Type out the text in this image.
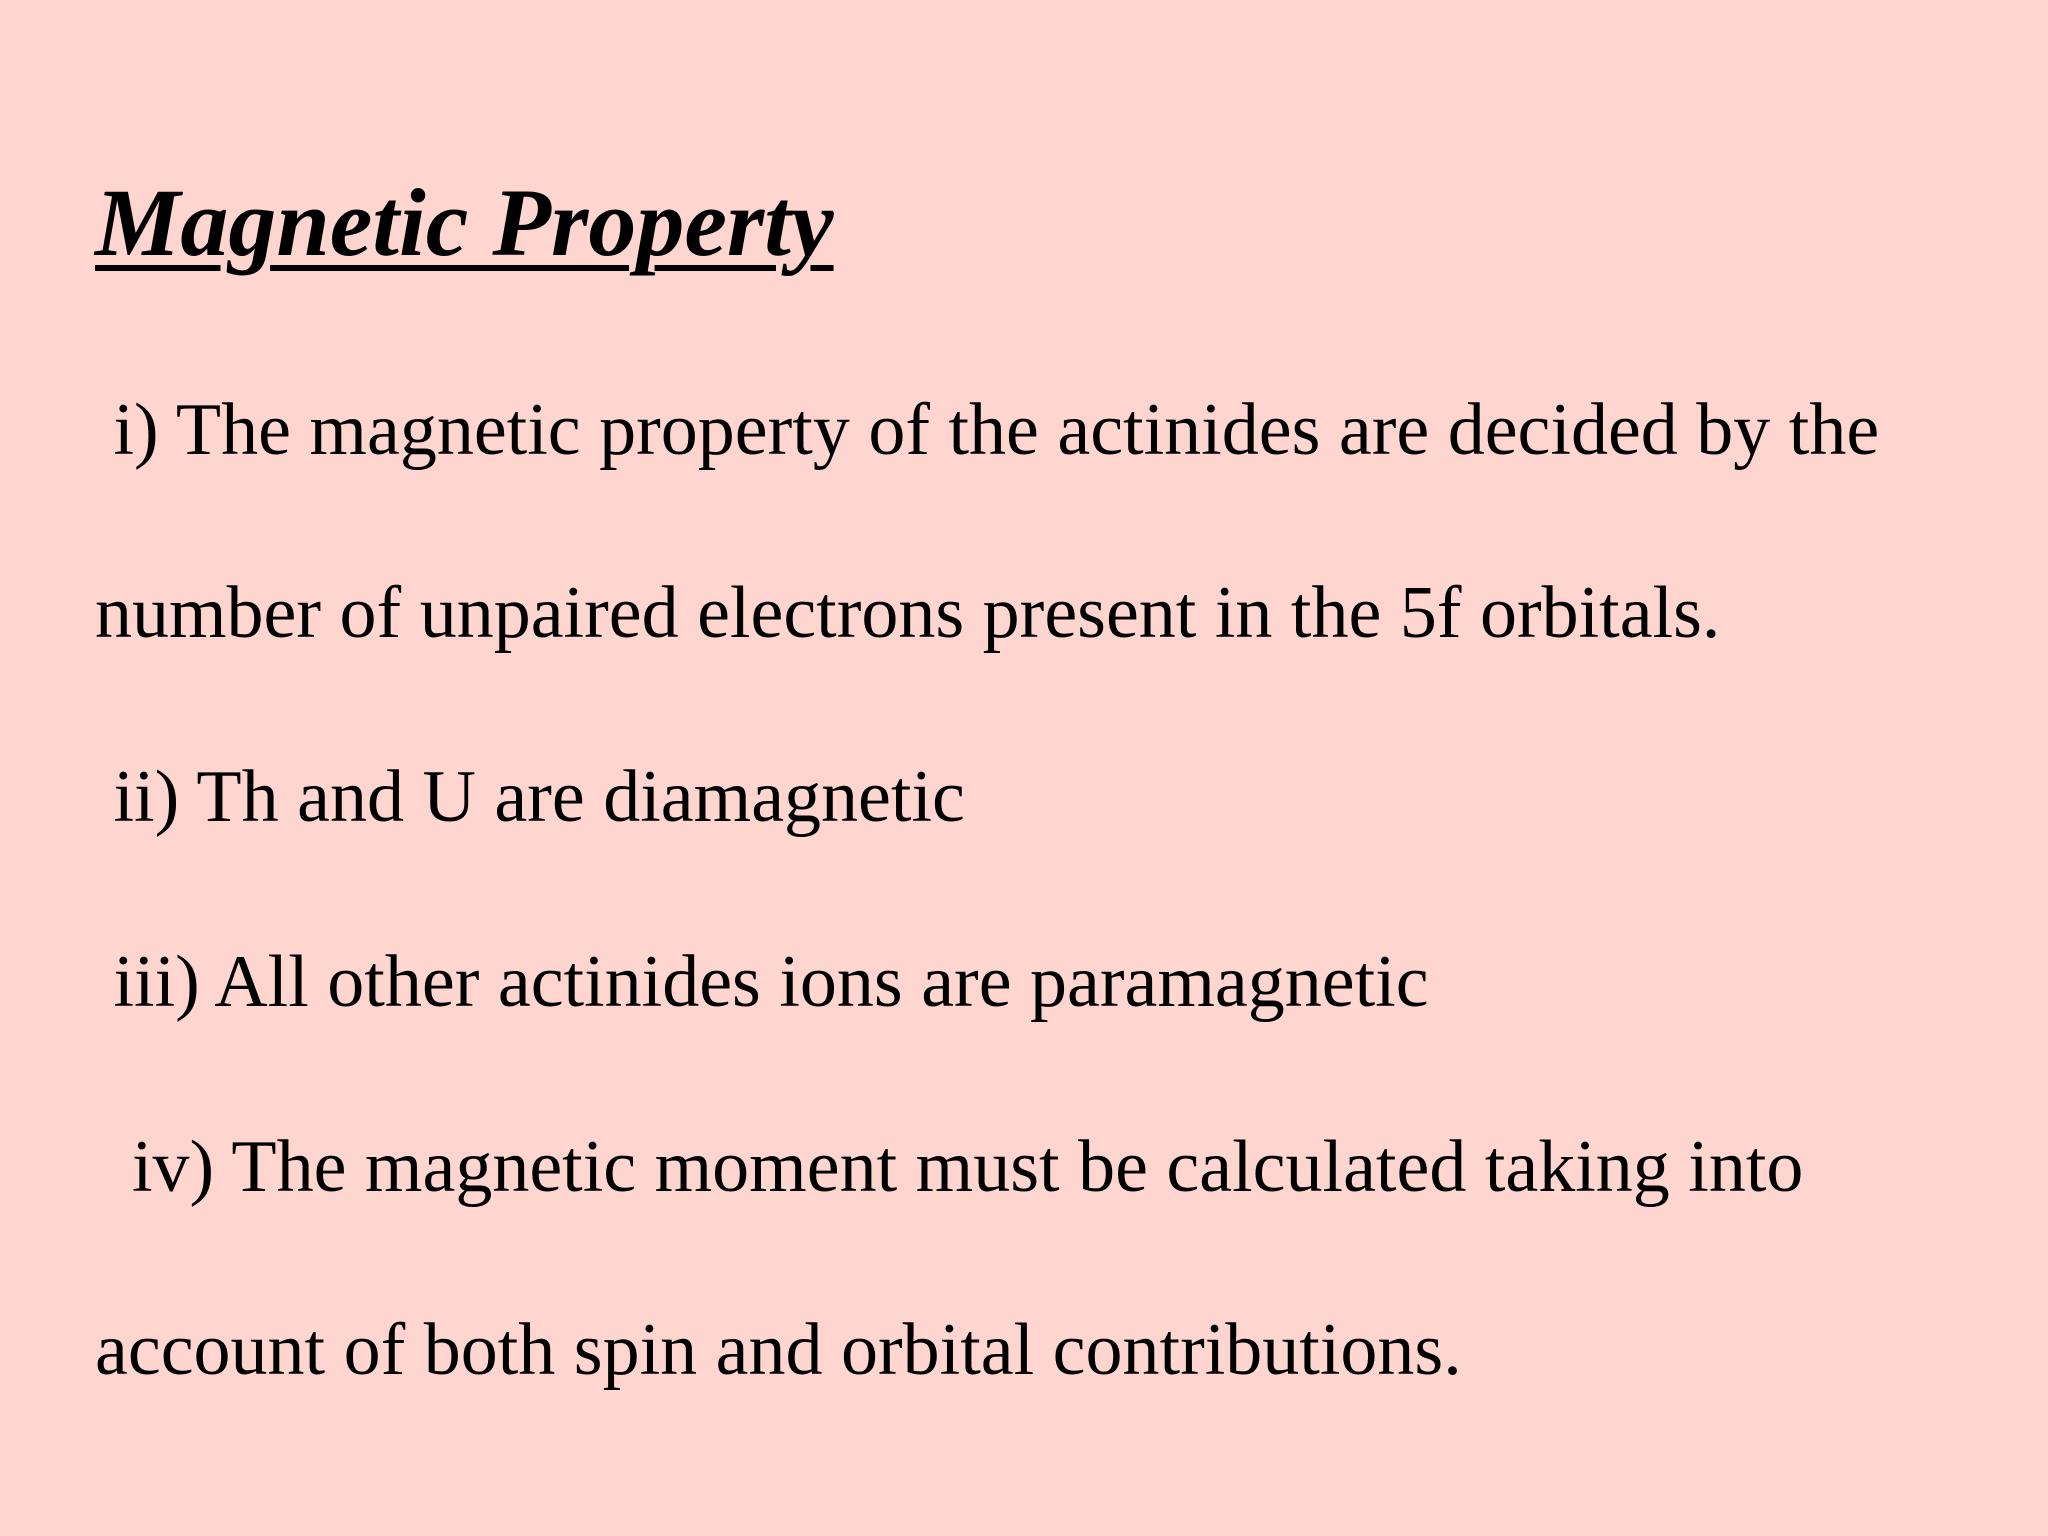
Magnetic Property

i) The magnetic property of the actinides are decided by the

number of unpaired electrons present in the 5f orbitals.

ii) Th and U are diamagnetic

iii) All other actinides ions are paramagnetic

iv) The magnetic moment must be calculated taking into

account of both spin and orbital contributions.
